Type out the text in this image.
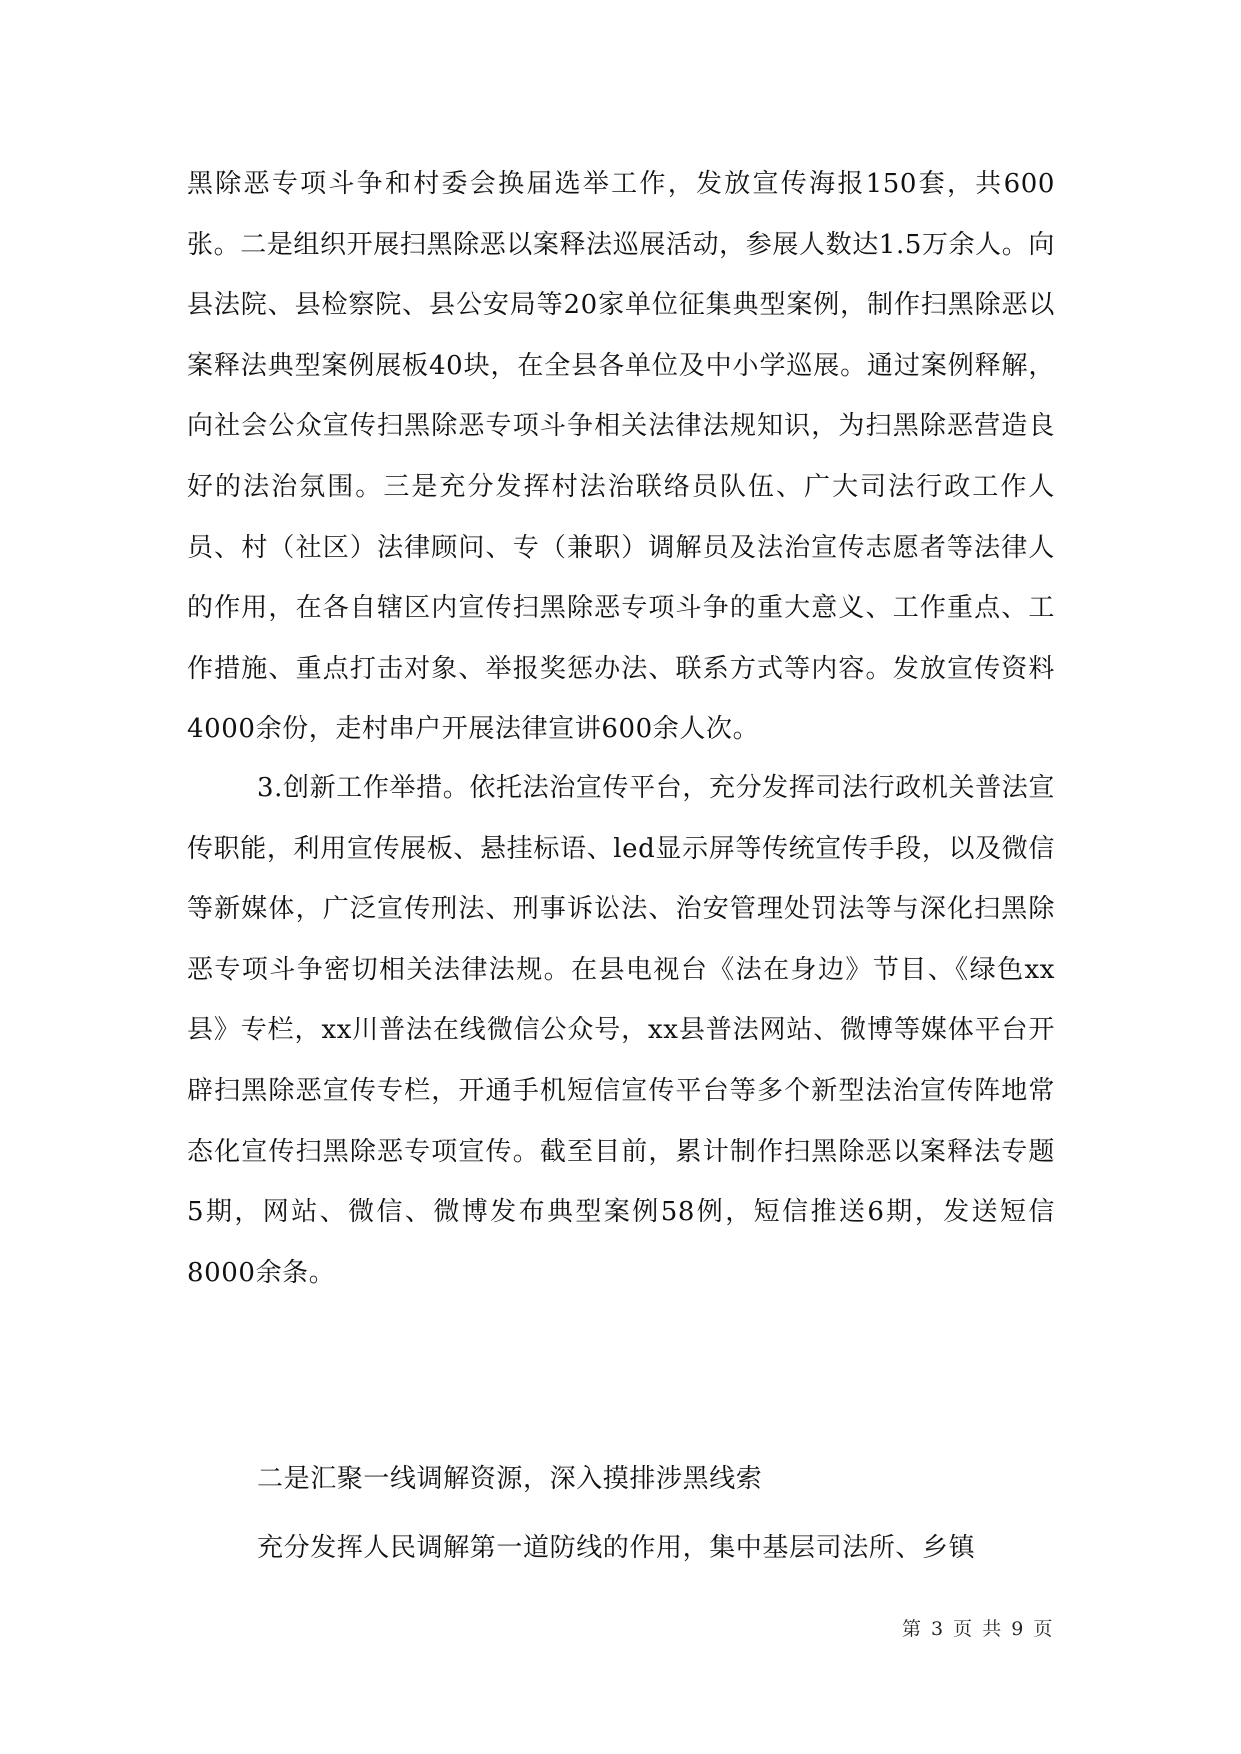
黑除恶专项斗争和村委会换届选举工作，发放宣传海报150套，共600张。二是组织开展扫黑除恶以案释法巡展活动，参展人数达1.5万余人。向县法院、县检察院、县公安局等20家单位征集典型案例，制作扫黑除恶以案释法典型案例展板40块，在全县各单位及中小学巡展。通过案例释解，向社会公众宣传扫黑除恶专项斗争相关法律法规知识，为扫黑除恶营造良好的法治氛围。三是充分发挥村法治联络员队伍、广大司法行政工作人员、村（社区）法律顾问、专（兼职）调解员及法治宣传志愿者等法律人的作用，在各自辖区内宣传扫黑除恶专项斗争的重大意义、工作重点、工作措施、重点打击对象、举报奖惩办法、联系方式等内容。发放宣传资料4000余份，走村串户开展法律宣讲600余人次。

3.创新工作举措。依托法治宣传平台，充分发挥司法行政机关普法宣传职能，利用宣传展板、悬挂标语、led显示屏等传统宣传手段，以及微信等新媒体，广泛宣传刑法、刑事诉讼法、治安管理处罚法等与深化扫黑除恶专项斗争密切相关法律法规。在县电视台《法在身边》节目、《绿色xx县》专栏，xx川普法在线微信公众号，xx县普法网站、微博等媒体平台开辟扫黑除恶宣传专栏，开通手机短信宣传平台等多个新型法治宣传阵地常态化宣传扫黑除恶专项宣传。截至目前，累计制作扫黑除恶以案释法专题5期，网站、微信、微博发布典型案例58例，短信推送6期，发送短信8000余条。

二是汇聚一线调解资源，深入摸排涉黑线索

充分发挥人民调解第一道防线的作用，集中基层司法所、乡镇

第 3 页 共 9 页
